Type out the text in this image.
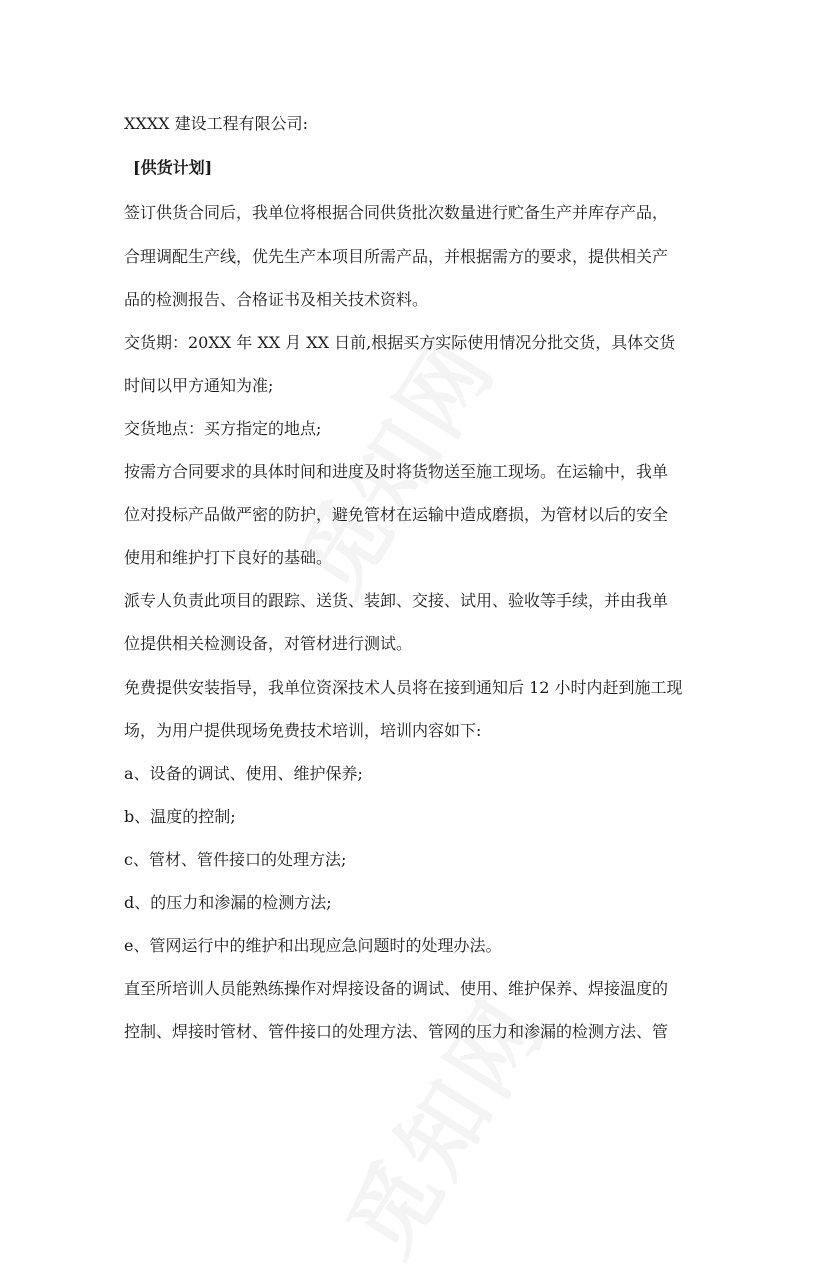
XXXX 建设工程有限公司:
[供货计划]
签订供货合同后，我单位将根据合同供货批次数量进行贮备生产并库存产品，
合理调配生产线，优先生产本项目所需产品，并根据需方的要求，提供相关产
品的检测报告、合格证书及相关技术资料。
交货期：20XX 年 XX 月 XX 日前,根据买方实际使用情况分批交货，具体交货
时间以甲方通知为准;
交货地点：买方指定的地点;
按需方合同要求的具体时间和进度及时将货物送至施工现场。在运输中，我单
位对投标产品做严密的防护，避免管材在运输中造成磨损，为管材以后的安全
使用和维护打下良好的基础。
派专人负责此项目的跟踪、送货、装卸、交接、试用、验收等手续，并由我单
位提供相关检测设备，对管材进行测试。
免费提供安装指导，我单位资深技术人员将在接到通知后 12 小时内赶到施工现
场，为用户提供现场免费技术培训，培训内容如下:
a、设备的调试、使用、维护保养;
b、温度的控制;
c、管材、管件接口的处理方法;
d、的压力和渗漏的检测方法;
e、管网运行中的维护和出现应急问题时的处理办法。
直至所培训人员能熟练操作对焊接设备的调试、使用、维护保养、焊接温度的
控制、焊接时管材、管件接口的处理方法、管网的压力和渗漏的检测方法、管
